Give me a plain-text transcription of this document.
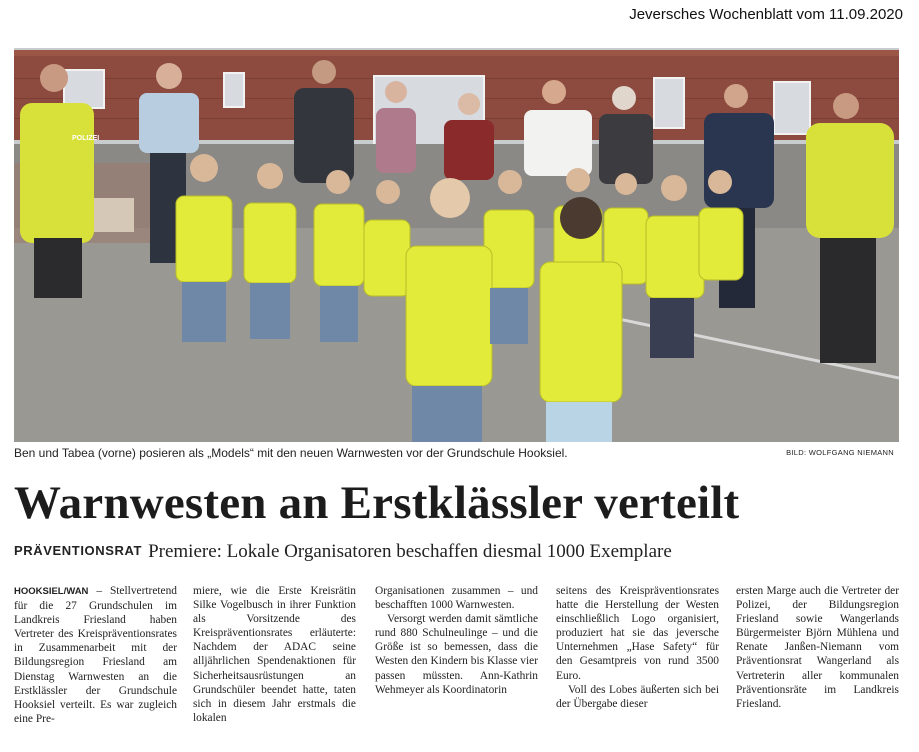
Jeversches Wochenblatt vom 11.09.2020
POLIZEI
Ben und Tabea (vorne) posieren als „Models“ mit den neuen Warnwesten vor der Grundschule Hooksiel.	BILD: WOLFGANG NIEMANN
Warnwesten an Erstklässler verteilt
PRÄVENTIONSRAT Premiere: Lokale Organisatoren beschaffen diesmal 1000 Exemplare

HOOKSIEL/WAN – Stellvertretend für die 27 Grundschulen im Landkreis Friesland haben Vertreter des Kreispräventionsrates in Zusammenarbeit mit der Bildungsregion Friesland am Dienstag Warnwesten an die Erstklässler der Grundschule Hooksiel verteilt. Es war zugleich eine Pre-

miere, wie die Erste Kreisrätin Silke Vogelbusch in ihrer Funktion als Vorsitzende des Kreispräventionsrates erläuterte: Nachdem der ADAC seine alljährlichen Spendenaktionen für Sicherheitsausrüstungen an Grundschüler beendet hatte, taten sich in diesem Jahr erstmals die lokalen

Organisationen zusammen – und beschafften 1000 Warnwesten.

Versorgt werden damit sämtliche rund 880 Schulneulinge – und die Größe ist so bemessen, dass die Westen den Kindern bis Klasse vier passen müssten. Ann-Kathrin Wehmeyer als Koordinatorin

seitens des Kreispräventionsrates hatte die Herstellung der Westen einschließlich Logo organisiert, produziert hat sie das jeversche Unternehmen „Hase Safety“ für den Gesamtpreis von rund 3500 Euro.

Voll des Lobes äußerten sich bei der Übergabe dieser

ersten Marge auch die Vertreter der Polizei, der Bildungsregion Friesland sowie Wangerlands Bürgermeister Björn Mühlena und Renate Janßen-Niemann vom Präventionsrat Wangerland als Vertreterin aller kommunalen Präventionsräte im Landkreis Friesland.
